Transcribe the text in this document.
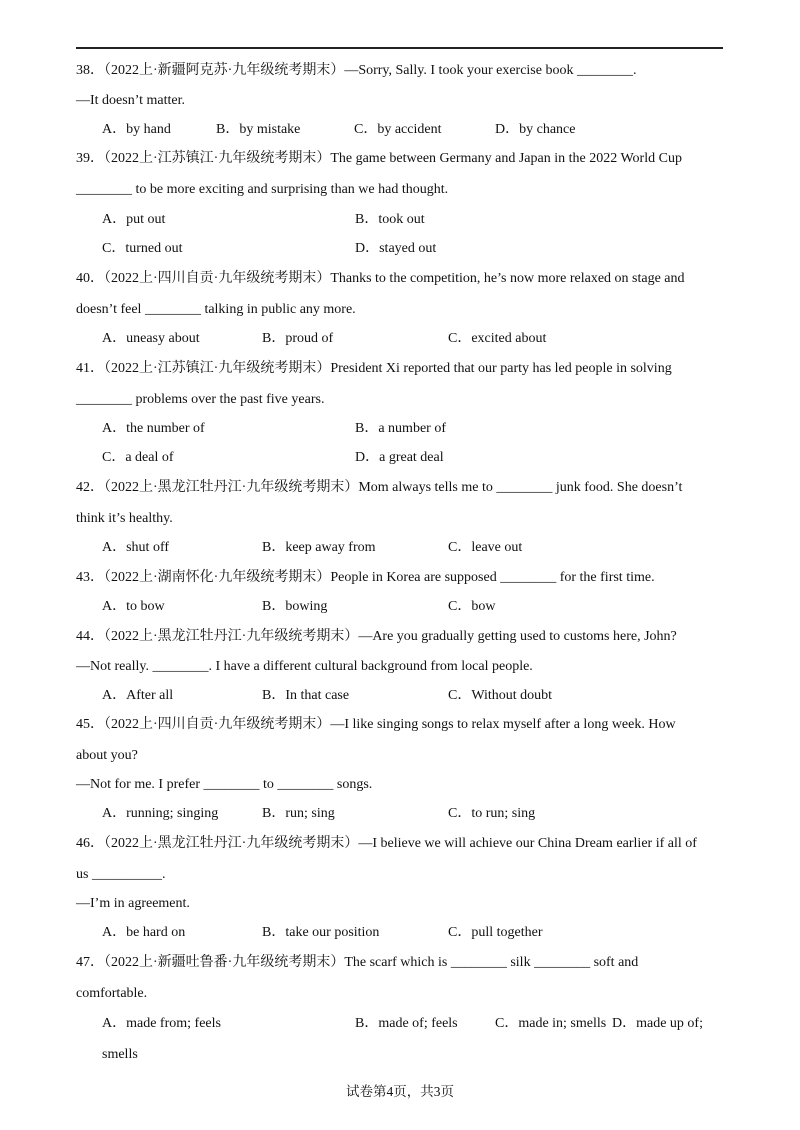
38．（2022上·新疆阿克苏·九年级统考期末）—Sorry, Sally. I took your exercise book ________.
—It doesn’t matter.
A．by hand	B．by mistake	C．by accident	D．by chance
39．（2022上·江苏镇江·九年级统考期末）The game between Germany and Japan in the 2022 World Cup
________ to be more exciting and surprising than we had thought.
A．put out	B．took out
C．turned out	D．stayed out
40．（2022上·四川自贡·九年级统考期末）Thanks to the competition, he’s now more relaxed on stage and
doesn’t feel ________ talking in public any more.
A．uneasy about	B．proud of	C．excited about
41．（2022上·江苏镇江·九年级统考期末）President Xi reported that our party has led people in solving
________ problems over the past five years.
A．the number of	B．a number of
C．a deal of	D．a great deal
42．（2022上·黑龙江牡丹江·九年级统考期末）Mom always tells me to ________ junk food. She doesn’t
think it’s healthy.
A．shut off	B．keep away from	C．leave out
43．（2022上·湖南怀化·九年级统考期末）People in Korea are supposed ________ for the first time.
A．to bow	B．bowing	C．bow
44．（2022上·黑龙江牡丹江·九年级统考期末）—Are you gradually getting used to customs here, John?
—Not really. ________. I have a different cultural background from local people.
A．After all	B．In that case	C．Without doubt
45．（2022上·四川自贡·九年级统考期末）—I like singing songs to relax myself after a long week. How
about you?
—Not for me. I prefer ________ to ________ songs.
A．running; singing	B．run; sing	C．to run; sing
46．（2022上·黑龙江牡丹江·九年级统考期末）—I believe we will achieve our China Dream earlier if all of
us __________.
—I’m in agreement.
A．be hard on	B．take our position	C．pull together
47．（2022上·新疆吐鲁番·九年级统考期末）The scarf which is ________ silk ________ soft and
comfortable.
A．made from; feels	B．made of; feels	C．made in; smells D．made up of;
smells
试卷第4页，共3页
